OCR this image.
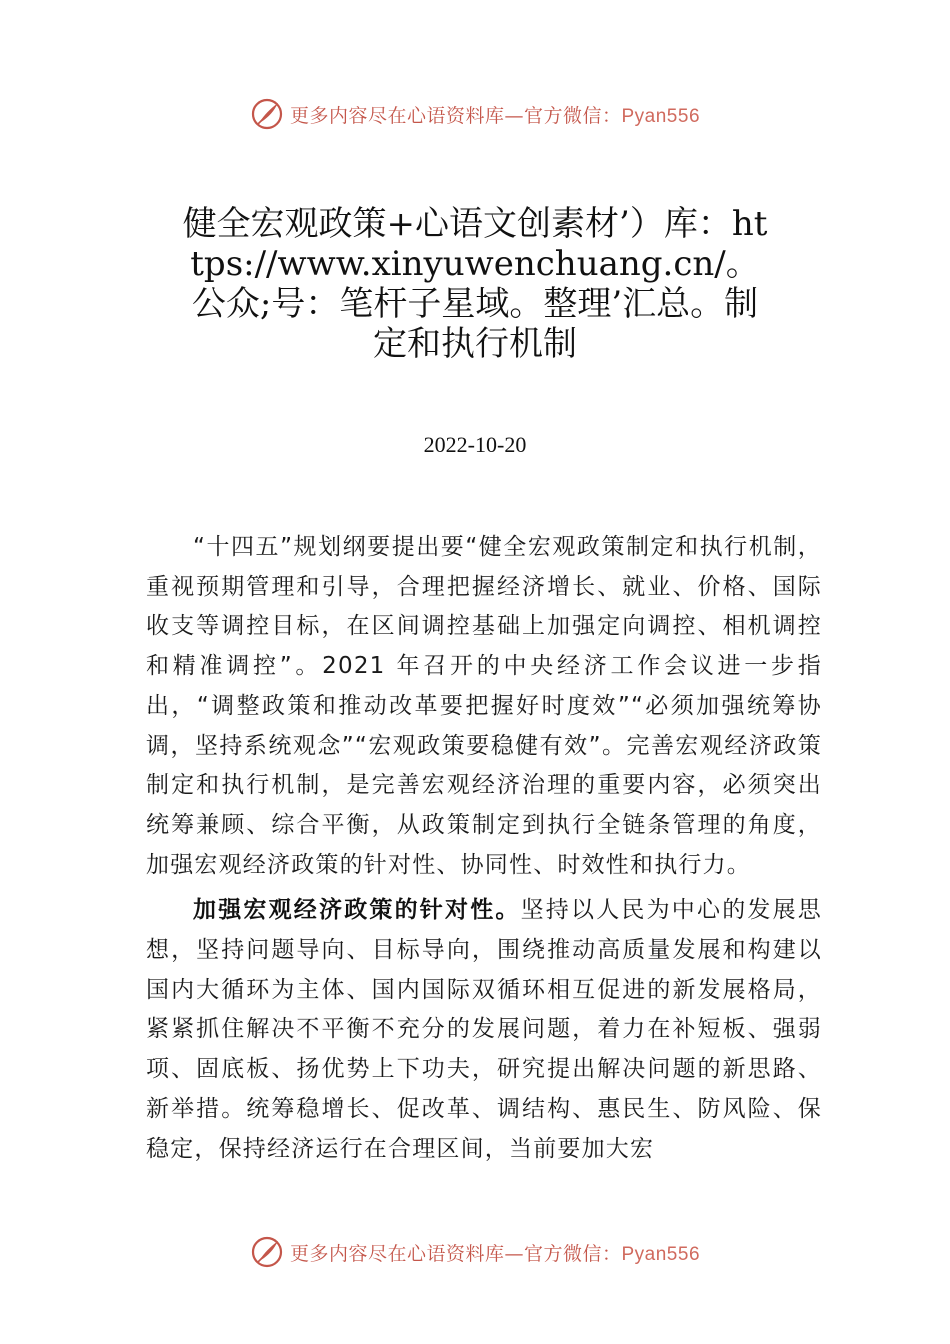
更多内容尽在心语资料库—官方微信：Pyan556
健全宏观政策+心语文创素材’）库：https://www.xinyuwenchuang.cn/。公众;号：笔杆子星域。整理’汇总。制定和执行机制
2022-10-20

“十四五”规划纲要提出要“健全宏观政策制定和执行机制，重视预期管理和引导，合理把握经济增长、就业、价格、国际收支等调控目标，在区间调控基础上加强定向调控、相机调控和精准调控”。2021 年召开的中央经济工作会议进一步指出，“调整政策和推动改革要把握好时度效”“必须加强统筹协调，坚持系统观念”“宏观政策要稳健有效”。完善宏观经济政策制定和执行机制，是完善宏观经济治理的重要内容，必须突出统筹兼顾、综合平衡，从政策制定到执行全链条管理的角度，加强宏观经济政策的针对性、协同性、时效性和执行力。

加强宏观经济政策的针对性。坚持以人民为中心的发展思想，坚持问题导向、目标导向，围绕推动高质量发展和构建以国内大循环为主体、国内国际双循环相互促进的新发展格局，紧紧抓住解决不平衡不充分的发展问题，着力在补短板、强弱项、固底板、扬优势上下功夫，研究提出解决问题的新思路、新举措。统筹稳增长、促改革、调结构、惠民生、防风险、保稳定，保持经济运行在合理区间，当前要加大宏

更多内容尽在心语资料库—官方微信：Pyan556
